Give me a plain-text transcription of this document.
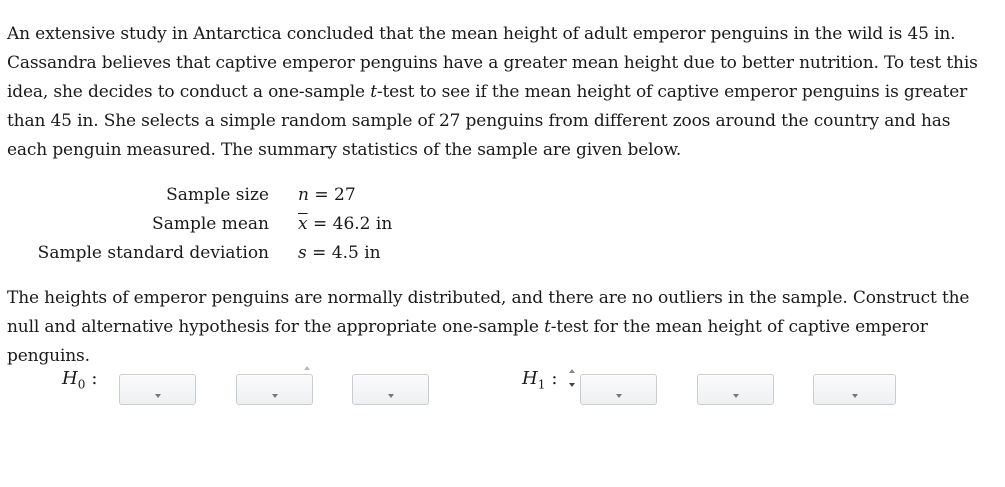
An extensive study in Antarctica concluded that the mean height of adult emperor penguins in the wild is 45 in. Cassandra believes that captive emperor penguins have a greater mean height due to better nutrition. To test this idea, she decides to conduct a one-sample t-test to see if the mean height of captive emperor penguins is greater than 45 in. She selects a simple random sample of 27 penguins from different zoos around the country and has each penguin measured. The summary statistics of the sample are given below.
Sample size n = 27
Sample mean $\overline{x} = 46.2$ in
Sample standard deviation s = 4.5 in
The heights of emperor penguins are normally distributed, and there are no outliers in the sample. Construct the null and alternative hypothesis for the appropriate one-sample t-test for the mean height of captive emperor penguins.
$H_0$ :	$H_1$ :
